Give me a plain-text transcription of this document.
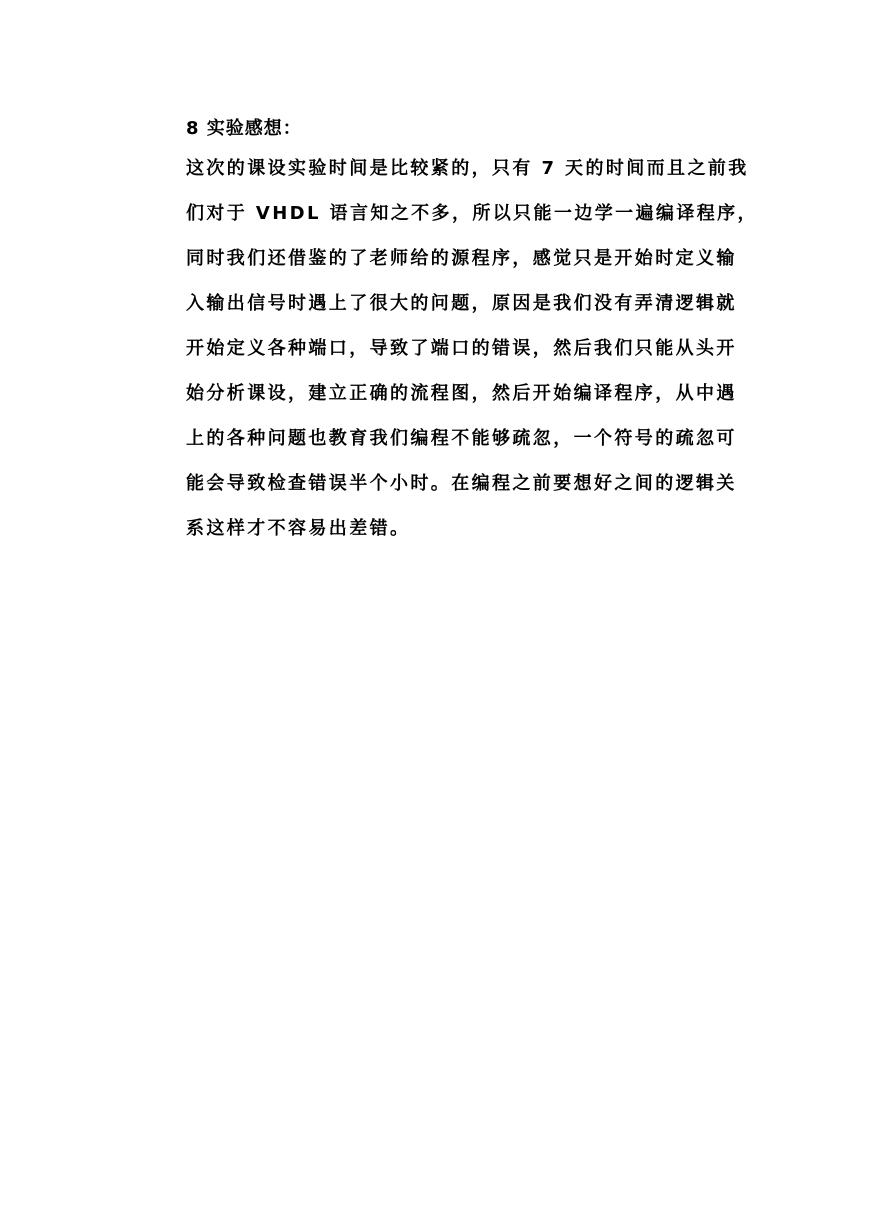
8 实验感想：
这次的课设实验时间是比较紧的，只有 7 天的时间而且之前我
们对于 VHDL 语言知之不多，所以只能一边学一遍编译程序，
同时我们还借鉴的了老师给的源程序，感觉只是开始时定义输
入输出信号时遇上了很大的问题，原因是我们没有弄清逻辑就
开始定义各种端口，导致了端口的错误，然后我们只能从头开
始分析课设，建立正确的流程图，然后开始编译程序，从中遇
上的各种问题也教育我们编程不能够疏忽，一个符号的疏忽可
能会导致检查错误半个小时。在编程之前要想好之间的逻辑关
系这样才不容易出差错。
